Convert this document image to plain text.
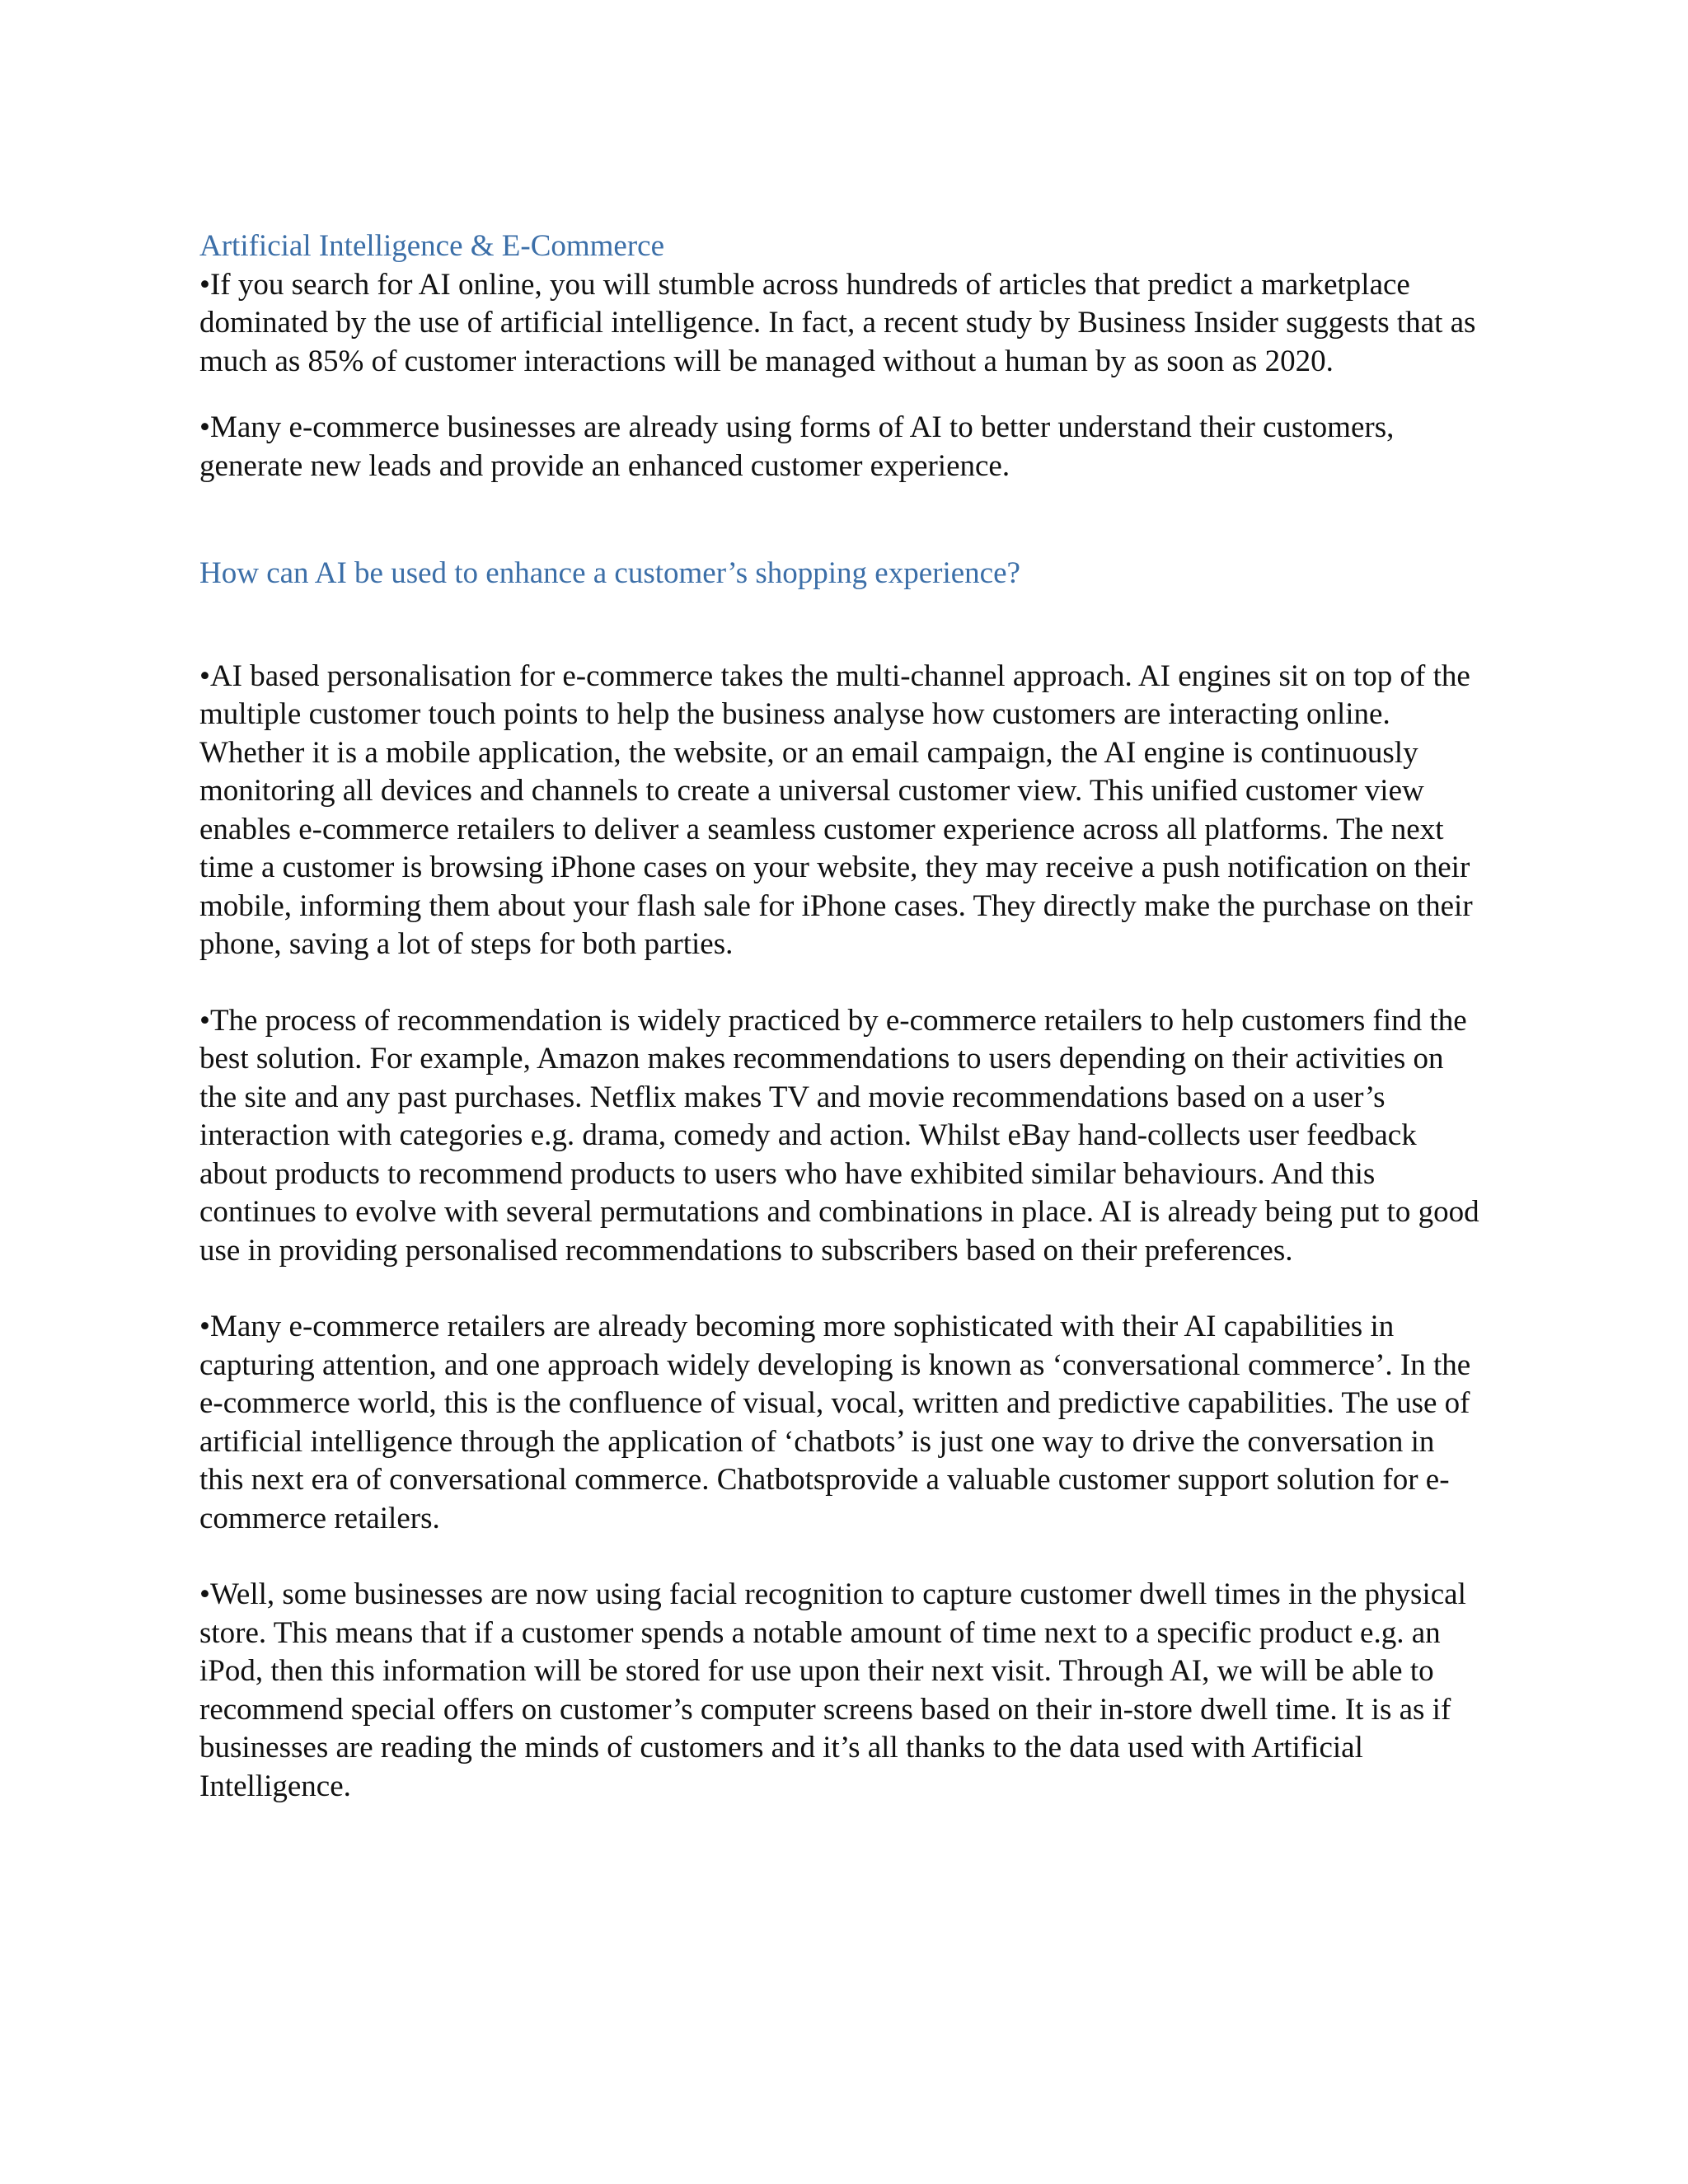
Artificial Intelligence & E-Commerce

•If you search for AI online, you will stumble across hundreds of articles that predict a marketplace dominated by the use of artificial intelligence. In fact, a recent study by Business Insider suggests that as much as 85% of customer interactions will be managed without a human by as soon as 2020.

•Many e-commerce businesses are already using forms of AI to better understand their customers, generate new leads and provide an enhanced customer experience.

How can AI be used to enhance a customer’s shopping experience?

•AI based personalisation for e-commerce takes the multi-channel approach. AI engines sit on top of the multiple customer touch points to help the business analyse how customers are interacting online. Whether it is a mobile application, the website, or an email campaign, the AI engine is continuously monitoring all devices and channels to create a universal customer view. This unified customer view enables e-commerce retailers to deliver a seamless customer experience across all platforms. The next time a customer is browsing iPhone cases on your website, they may receive a push notification on their mobile, informing them about your flash sale for iPhone cases. They directly make the purchase on their phone, saving a lot of steps for both parties.

•The process of recommendation is widely practiced by e-commerce retailers to help customers find the best solution. For example, Amazon makes recommendations to users depending on their activities on the site and any past purchases. Netflix makes TV and movie recommendations based on a user’s interaction with categories e.g. drama, comedy and action. Whilst eBay hand-collects user feedback about products to recommend products to users who have exhibited similar behaviours. And this continues to evolve with several permutations and combinations in place. AI is already being put to good use in providing personalised recommendations to subscribers based on their preferences.

•Many e-commerce retailers are already becoming more sophisticated with their AI capabilities in capturing attention, and one approach widely developing is known as ‘conversational commerce’. In the e-commerce world, this is the confluence of visual, vocal, written and predictive capabilities. The use of artificial intelligence through the application of ‘chatbots’ is just one way to drive the conversation in this next era of conversational commerce. Chatbotsprovide a valuable customer support solution for e-commerce retailers.

•Well, some businesses are now using facial recognition to capture customer dwell times in the physical store. This means that if a customer spends a notable amount of time next to a specific product e.g. an iPod, then this information will be stored for use upon their next visit. Through AI, we will be able to recommend special offers on customer’s computer screens based on their in-store dwell time. It is as if businesses are reading the minds of customers and it’s all thanks to the data used with Artificial Intelligence.
